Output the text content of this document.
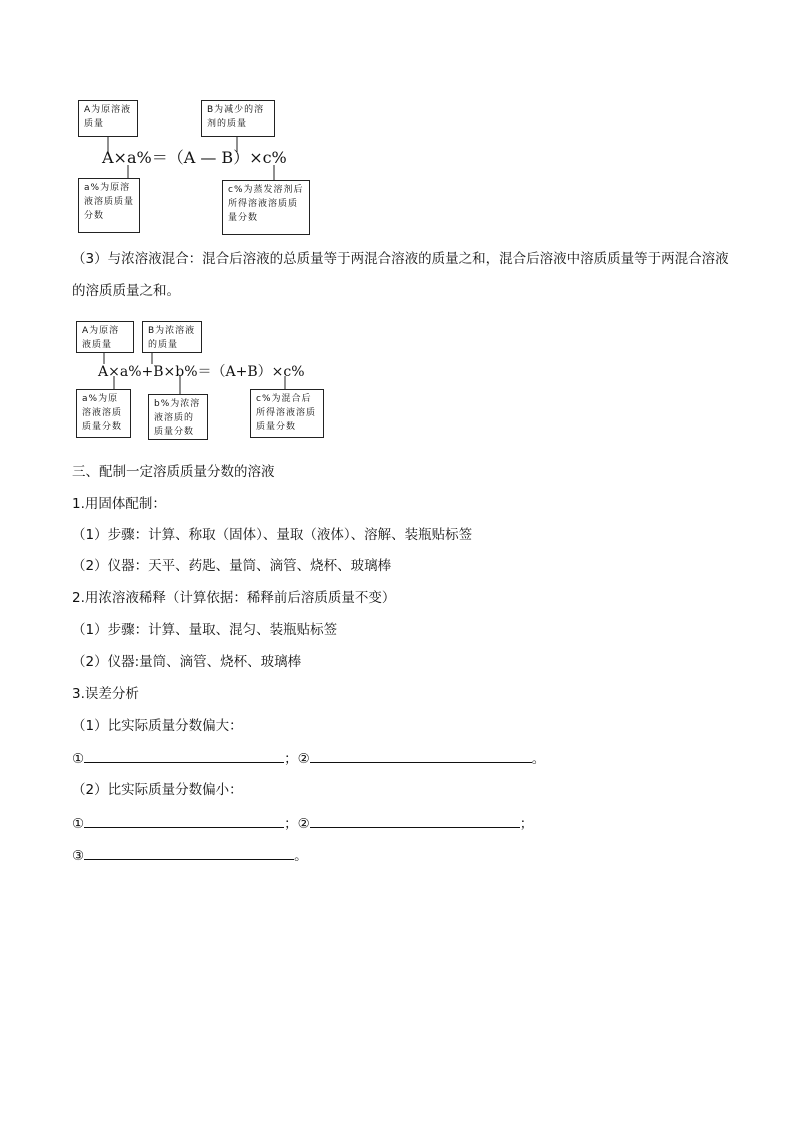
A为原溶液质量
B为减少的溶剂的质量
A×a%＝（A — B）×c%
a%为原溶液溶质质量分数
c%为蒸发溶剂后所得溶液溶质质量分数
（3）与浓溶液混合：混合后溶液的总质量等于两混合溶液的质量之和，混合后溶液中溶质质量等于两混合溶液的溶质质量之和。
A为原溶液质量
B为浓溶液的质量
A×a%+B×b%＝（A+B）×c%
a%为原溶液溶质质量分数
b%为浓溶液溶质的质量分数
c%为混合后所得溶液溶质质量分数
三、配制一定溶质质量分数的溶液
1.用固体配制：
（1）步骤：计算、称取（固体）、量取（液体）、溶解、装瓶贴标签
（2）仪器：天平、药匙、量筒、滴管、烧杯、玻璃棒
2.用浓溶液稀释（计算依据：稀释前后溶质质量不变）
（1）步骤：计算、量取、混匀、装瓶贴标签
（2）仪器:量筒、滴管、烧杯、玻璃棒
3.误差分析
（1）比实际质量分数偏大：
①	；②	。
（2）比实际质量分数偏小：
①	；②	；
③	。
